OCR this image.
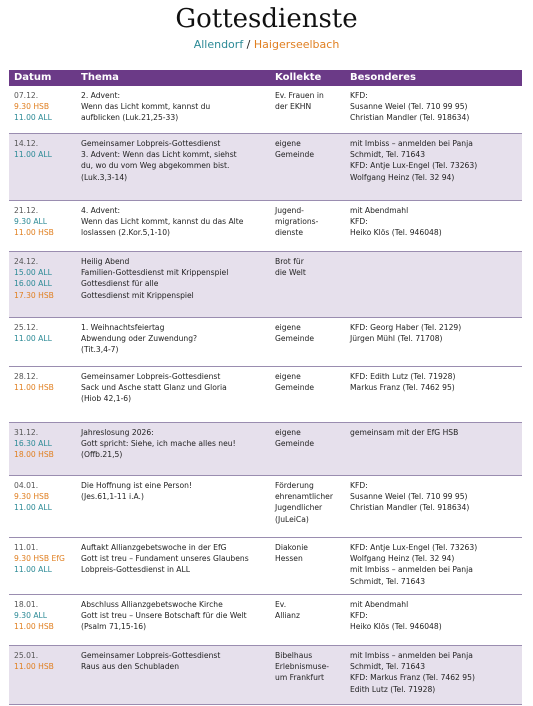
Gottesdienste
Allendorf / Haigerseelbach
Datum	Thema	Kollekte	Besonderes

07.12.
9.30 HSB
11.00 ALL	2. Advent:
Wenn das Licht kommt, kannst du
aufblicken (Luk.21,25-33)	Ev. Frauen in
der EKHN	KFD:
Susanne Weiel (Tel. 710 99 95)
Christian Mandler (Tel. 918634)

14.12.
11.00 ALL	Gemeinsamer Lobpreis-Gottesdienst
3. Advent: Wenn das Licht kommt, siehst
du, wo du vom Weg abgekommen bist.
(Luk.3,3-14)	eigene
Gemeinde	mit Imbiss – anmelden bei Panja
Schmidt, Tel. 71643
KFD: Antje Lux-Engel (Tel. 73263)
Wolfgang Heinz (Tel. 32 94)

21.12.
9.30 ALL
11.00 HSB	4. Advent:
Wenn das Licht kommt, kannst du das Alte
loslassen (2.Kor.5,1-10)	Jugend-
migrations-
dienste	mit Abendmahl
KFD:
Heiko Klös (Tel. 946048)

24.12.
15.00 ALL
16.00 ALL
17.30 HSB	Heilig Abend
Familien-Gottesdienst mit Krippenspiel
Gottesdienst für alle
Gottesdienst mit Krippenspiel	Brot für
die Welt	

25.12.
11.00 ALL	1. Weihnachtsfeiertag
Abwendung oder Zuwendung?
(Tit.3,4-7)	eigene
Gemeinde	KFD: Georg Haber (Tel. 2129)
Jürgen Mühl (Tel. 71708)

28.12.
11.00 HSB	Gemeinsamer Lobpreis-Gottesdienst
Sack und Asche statt Glanz und Gloria
(Hiob 42,1-6)	eigene
Gemeinde	KFD: Edith Lutz (Tel. 71928)
Markus Franz (Tel. 7462 95)

31.12.
16.30 ALL
18.00 HSB	Jahreslosung 2026:
Gott spricht: Siehe, ich mache alles neu!
(Offb.21,5)	eigene
Gemeinde	gemeinsam mit der EfG HSB

04.01.
9.30 HSB
11.00 ALL	Die Hoffnung ist eine Person!
(Jes.61,1-11 i.A.)	Förderung
ehrenamtlicher
Jugendlicher
(JuLeiCa)	KFD:
Susanne Weiel (Tel. 710 99 95)
Christian Mandler (Tel. 918634)

11.01.
9.30 HSB EfG
11.00 ALL	Auftakt Allianzgebetswoche in der EfG
Gott ist treu – Fundament unseres Glaubens
Lobpreis-Gottesdienst in ALL	Diakonie
Hessen	KFD: Antje Lux-Engel (Tel. 73263)
Wolfgang Heinz (Tel. 32 94)
mit Imbiss – anmelden bei Panja
Schmidt, Tel. 71643

18.01.
9.30 ALL
11.00 HSB	Abschluss Allianzgebetswoche Kirche
Gott ist treu – Unsere Botschaft für die Welt
(Psalm 71,15-16)	Ev.
Allianz	mit Abendmahl
KFD:
Heiko Klös (Tel. 946048)

25.01.
11.00 HSB	Gemeinsamer Lobpreis-Gottesdienst
Raus aus den Schubladen	Bibelhaus
Erlebnismuse-
um Frankfurt	mit Imbiss – anmelden bei Panja
Schmidt, Tel. 71643
KFD: Markus Franz (Tel. 7462 95)
Edith Lutz (Tel. 71928)
